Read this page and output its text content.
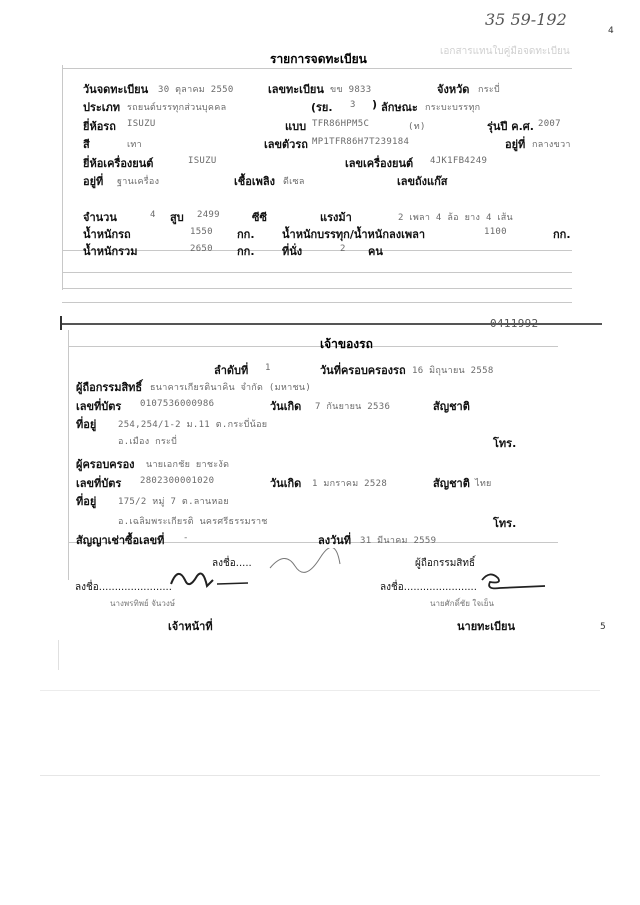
35 59-192
4
เอกสารแทนใบคู่มือจดทะเบียน
รายการจดทะเบียน
วันจดทะเบียน 30 ตุลาคม 2550	เลขทะเบียน ขข 9833	จังหวัด กระบี่
ประเภท รถยนต์บรรทุกส่วนบุคคล	(รย. 3 ) ลักษณะ กระบะบรรทุก
ยี่ห้อรถ ISUZU	แบบ TFR86HPM5C	(ท)	รุ่นปี ค.ศ. 2007
สี	เทา	เลขตัวรถ MP1TFR86H7T239184	อยู่ที่ กลางขวา
ยี่ห้อเครื่องยนต์	ISUZU	เลขเครื่องยนต์ 4JK1FB4249
อยู่ที่ ฐานเครื่อง	เชื้อเพลิง ดีเซล	เลขถังแก๊ส
จำนวน	4 สูบ 2499	ซีซี	แรงม้า	2 เพลา 4 ล้อ ยาง 4 เส้น
น้ำหนักรถ	1550 กก.	น้ำหนักบรรทุก/น้ำหนักลงเพลา	1100	กก.
น้ำหนักรวม	2650 กก.	ที่นั่ง	2 คน
0411992
เจ้าของรถ
ลำดับที่ 1	วันที่ครอบครองรถ 16 มิถุนายน 2558
ผู้ถือกรรมสิทธิ์ ธนาคารเกียรตินาคิน จำกัด (มหาชน)
เลขที่บัตร 0107536000986	วันเกิด 7 กันยายน 2536	สัญชาติ
ที่อยู่ 254,254/1-2 ม.11 ต.กระบี่น้อย
อ.เมือง กระบี่	โทร.
ผู้ครอบครอง นายเอกชัย ยาชะงัด
เลขที่บัตร 2802300001020	วันเกิด 1 มกราคม 2528	สัญชาติ ไทย
ที่อยู่ 175/2 หมู่ 7 ต.ลานหอย
อ.เฉลิมพระเกียรติ นครศรีธรรมราช	โทร.
สัญญาเช่าซื้อเลขที่ -	ลงวันที่ 31 มีนาคม 2559
ลงชื่อ.....	ผู้ถือกรรมสิทธิ์
ลงชื่อ.......................
นางพรทิพย์ จันวงษ์
เจ้าหน้าที่
ลงชื่อ.......................
นายศักดิ์ชัย ใจเย็น
นายทะเบียน	5
